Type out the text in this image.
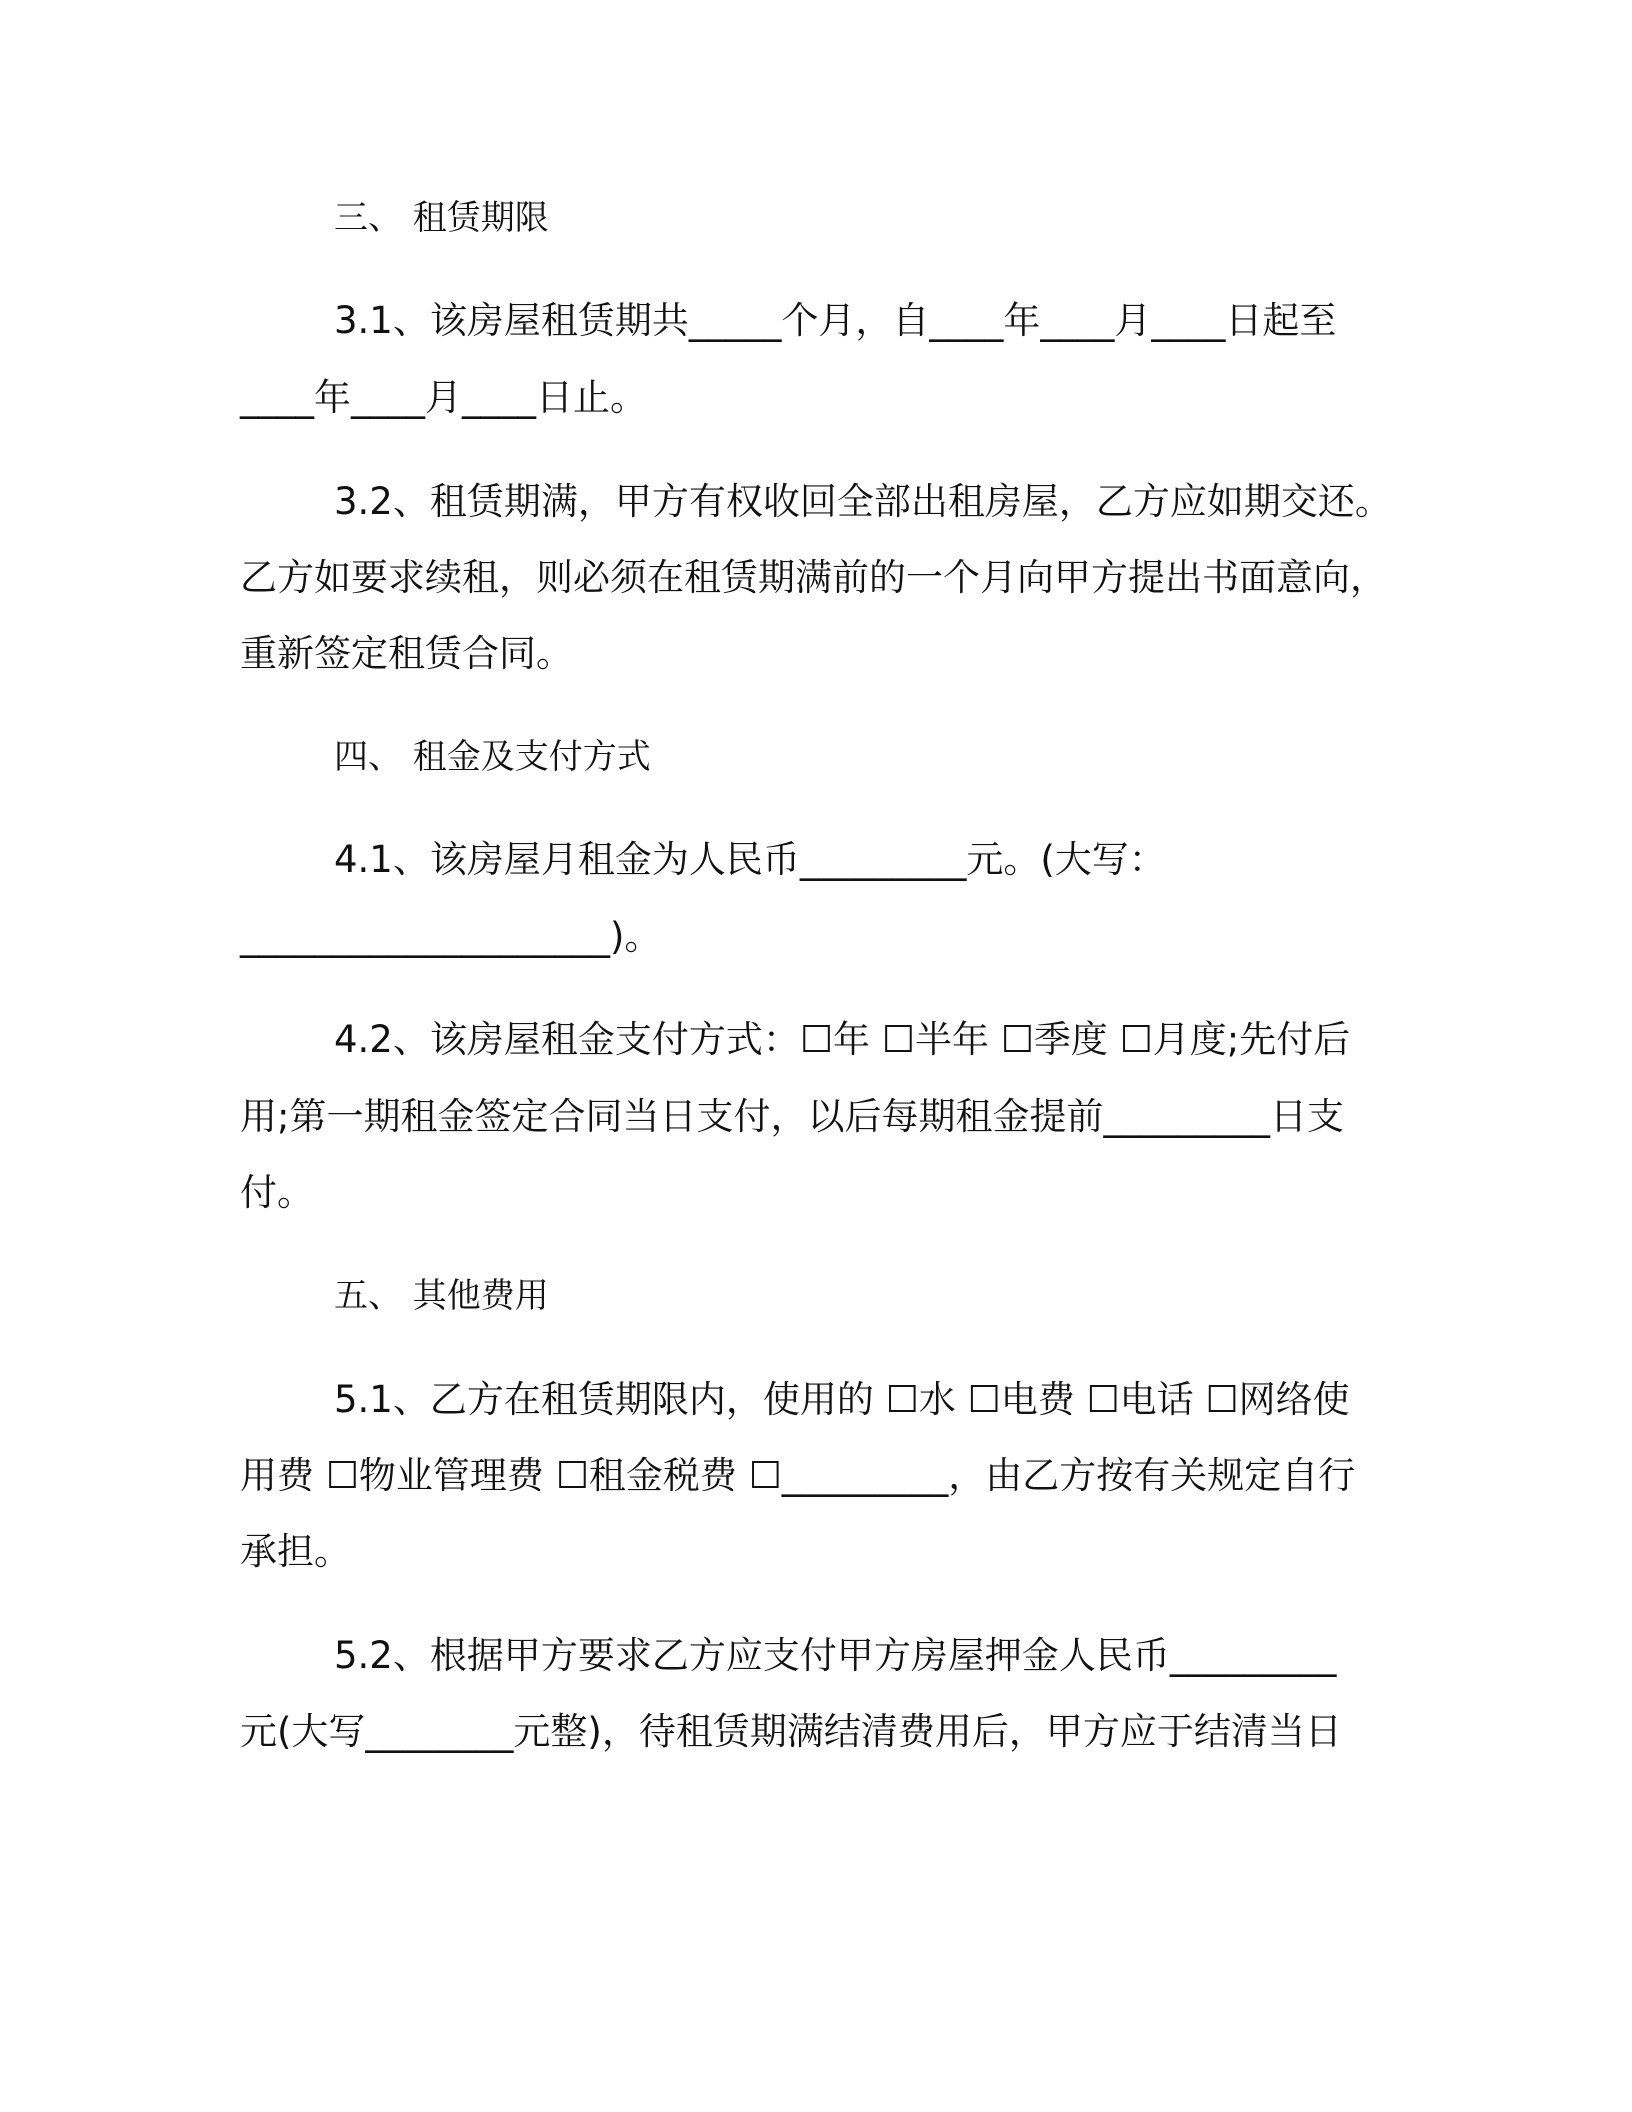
三、 租赁期限
3.1、该房屋租赁期共_____个月，自____年____月____日起至
____年____月____日止。
3.2、租赁期满，甲方有权收回全部出租房屋，乙方应如期交还。
乙方如要求续租，则必须在租赁期满前的一个月向甲方提出书面意向，
重新签定租赁合同。
四、 租金及支付方式
4.1、该房屋月租金为人民币_________元。(大写：
____________________)。
4.2、该房屋租金支付方式：☐年 ☐半年 ☐季度 ☐月度;先付后
用;第一期租金签定合同当日支付，以后每期租金提前_________日支
付。
五、 其他费用
5.1、乙方在租赁期限内，使用的 ☐水 ☐电费 ☐电话 ☐网络使
用费 ☐物业管理费 ☐租金税费 ☐_________，由乙方按有关规定自行
承担。
5.2、根据甲方要求乙方应支付甲方房屋押金人民币_________
元(大写________元整)，待租赁期满结清费用后，甲方应于结清当日
